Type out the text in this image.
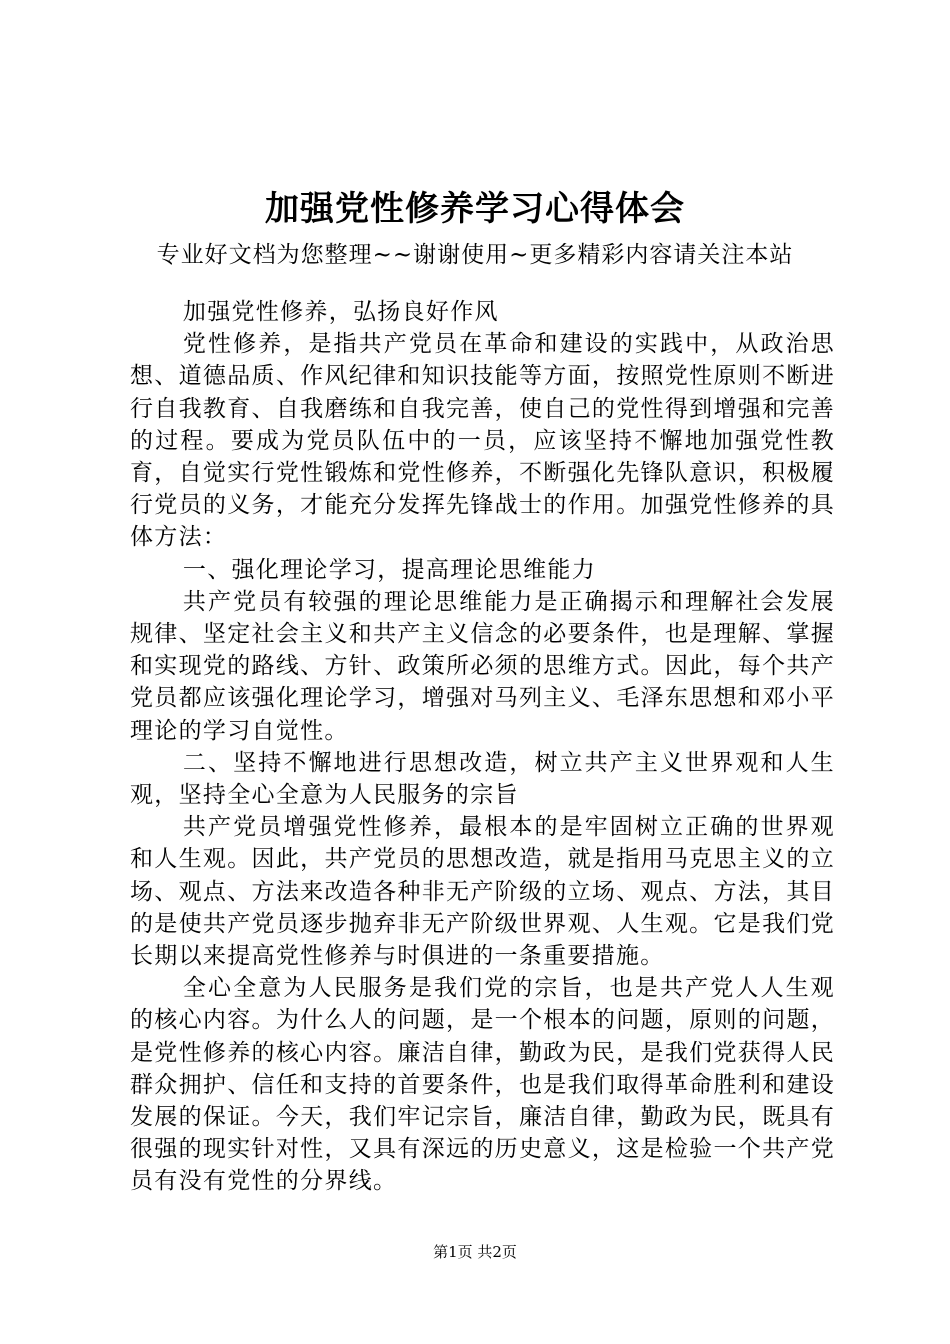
加强党性修养学习心得体会
专业好文档为您整理~~谢谢使用~更多精彩内容请关注本站

加强党性修养，弘扬良好作风

党性修养，是指共产党员在革命和建设的实践中，从政治思想、道德品质、作风纪律和知识技能等方面，按照党性原则不断进行自我教育、自我磨练和自我完善，使自己的党性得到增强和完善的过程。要成为党员队伍中的一员，应该坚持不懈地加强党性教育，自觉实行党性锻炼和党性修养，不断强化先锋队意识，积极履行党员的义务，才能充分发挥先锋战士的作用。加强党性修养的具体方法：

一、强化理论学习，提高理论思维能力

共产党员有较强的理论思维能力是正确揭示和理解社会发展规律、坚定社会主义和共产主义信念的必要条件，也是理解、掌握和实现党的路线、方针、政策所必须的思维方式。因此，每个共产党员都应该强化理论学习，增强对马列主义、毛泽东思想和邓小平理论的学习自觉性。

二、坚持不懈地进行思想改造，树立共产主义世界观和人生观，坚持全心全意为人民服务的宗旨

共产党员增强党性修养，最根本的是牢固树立正确的世界观和人生观。因此，共产党员的思想改造，就是指用马克思主义的立场、观点、方法来改造各种非无产阶级的立场、观点、方法，其目的是使共产党员逐步抛弃非无产阶级世界观、人生观。它是我们党长期以来提高党性修养与时俱进的一条重要措施。

全心全意为人民服务是我们党的宗旨，也是共产党人人生观的核心内容。为什么人的问题，是一个根本的问题，原则的问题，是党性修养的核心内容。廉洁自律，勤政为民，是我们党获得人民群众拥护、信任和支持的首要条件，也是我们取得革命胜利和建设发展的保证。今天，我们牢记宗旨，廉洁自律，勤政为民，既具有很强的现实针对性，又具有深远的历史意义，这是检验一个共产党员有没有党性的分界线。

第1页 共2页
